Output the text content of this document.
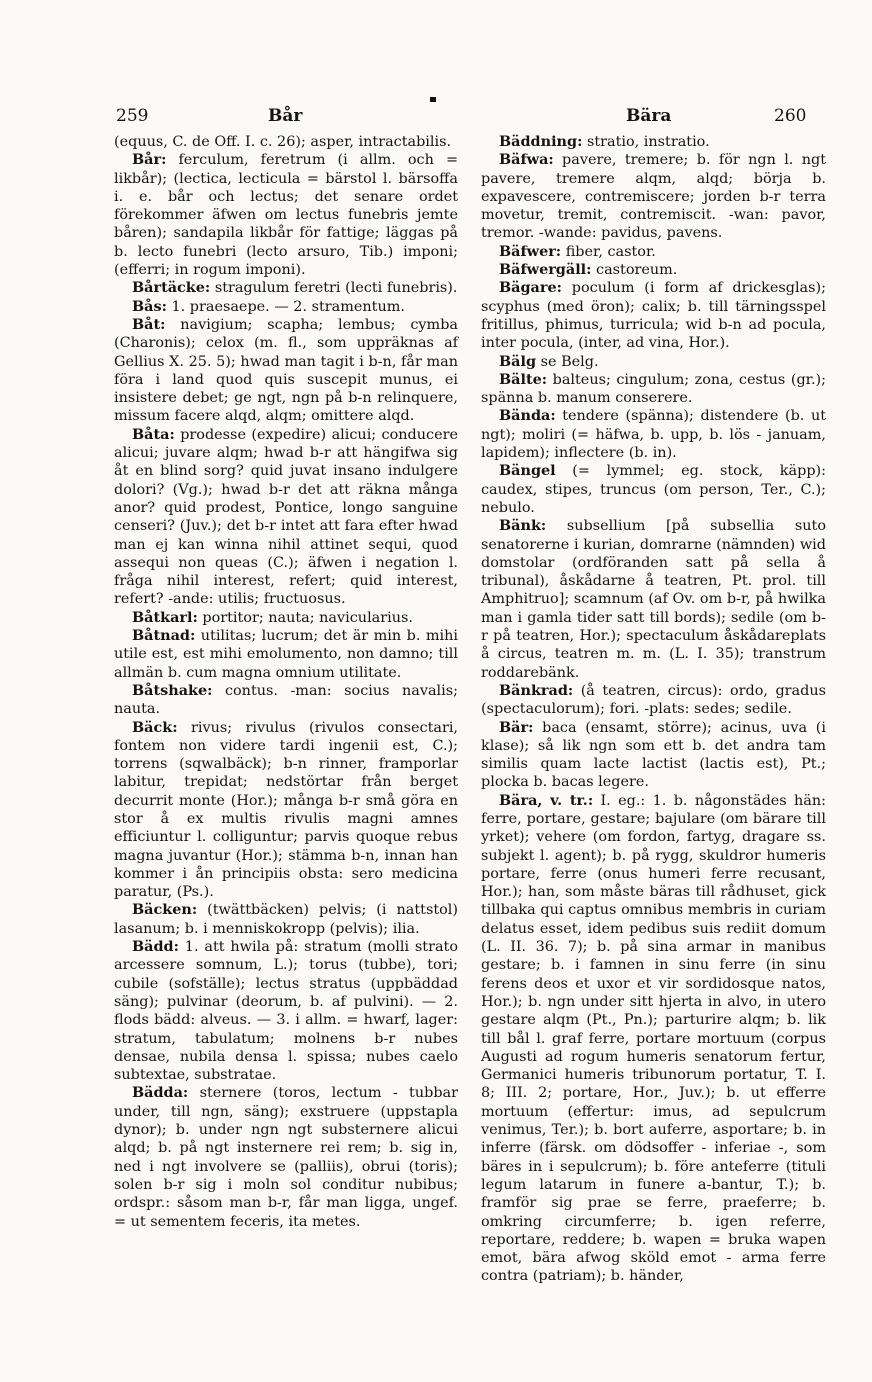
259	Bår	Bära	260

(equus, C. de Off. I. c. 26); asper, intractabilis.

Bår: ferculum, feretrum (i allm. och = likbår); (lectica, lecticula = bärstol l. bärsoffa i. e. bår och lectus; det senare ordet förekommer äfwen om lectus funebris jemte båren); sandapila likbår för fattige; läggas på b. lecto funebri (lecto arsuro, Tib.) imponi; (efferri; in rogum imponi).

Bårtäcke: stragulum feretri (lecti funebris).

Bås: 1. praesaepe. — 2. stramentum.

Båt: navigium; scapha; lembus; cymba (Charonis); celox (m. fl., som uppräknas af Gellius X. 25. 5); hwad man tagit i b-n, får man föra i land quod quis suscepit munus, ei insistere debet; ge ngt, ngn på b-n relinquere, missum facere alqd, alqm; omittere alqd.

Båta: prodesse (expedire) alicui; conducere alicui; juvare alqm; hwad b-r att hängifwa sig åt en blind sorg? quid juvat insano indulgere dolori? (Vg.); hwad b-r det att räkna många anor? quid prodest, Pontice, longo sanguine censeri? (Juv.); det b-r intet att fara efter hwad man ej kan winna nihil attinet sequi, quod assequi non queas (C.); äfwen i negation l. fråga nihil interest, refert; quid interest, refert? -ande: utilis; fructuosus.

Båtkarl: portitor; nauta; navicularius.

Båtnad: utilitas; lucrum; det är min b. mihi utile est, est mihi emolumento, non damno; till allmän b. cum magna omnium utilitate.

Båtshake: contus. -man: socius navalis; nauta.

Bäck: rivus; rivulus (rivulos consectari, fontem non videre tardi ingenii est, C.); torrens (sqwalbäck); b-n rinner, framporlar labitur, trepidat; nedstörtar från berget decurrit monte (Hor.); många b-r små göra en stor å ex multis rivulis magni amnes efficiuntur l. colliguntur; parvis quoque rebus magna juvantur (Hor.); stämma b-n, innan han kommer i ån principiis obsta: sero medicina paratur, (Ps.).

Bäcken: (twättbäcken) pelvis; (i nattstol) lasanum; b. i menniskokropp (pelvis); ilia.

Bädd: 1. att hwila på: stratum (molli strato arcessere somnum, L.); torus (tubbe), tori; cubile (sofställe); lectus stratus (uppbäddad säng); pulvinar (deorum, b. af pulvini). — 2. flods bädd: alveus. — 3. i allm. = hwarf, lager: stratum, tabulatum; molnens b-r nubes densae, nubila densa l. spissa; nubes caelo subtextae, substratae.

Bädda: sternere (toros, lectum - tubbar under, till ngn, säng); exstruere (uppstapla dynor); b. under ngn ngt substernere alicui alqd; b. på ngt insternere rei rem; b. sig in, ned i ngt involvere se (palliis), obrui (toris); solen b-r sig i moln sol conditur nubibus; ordspr.: såsom man b-r, får man ligga, ungef. = ut sementem feceris, ita metes.

Bäddning: stratio, instratio.

Bäfwa: pavere, tremere; b. för ngn l. ngt pavere, tremere alqm, alqd; börja b. expavescere, contremiscere; jorden b-r terra movetur, tremit, contremiscit. -wan: pavor, tremor. -wande: pavidus, pavens.

Bäfwer: fiber, castor.

Bäfwergäll: castoreum.

Bägare: poculum (i form af drickesglas); scyphus (med öron); calix; b. till tärningsspel fritillus, phimus, turricula; wid b-n ad pocula, inter pocula, (inter, ad vina, Hor.).

Bälg se Belg.

Bälte: balteus; cingulum; zona, cestus (gr.); spänna b. manum conserere.

Bända: tendere (spänna); distendere (b. ut ngt); moliri (= häfwa, b. upp, b. lös - januam, lapidem); inflectere (b. in).

Bängel (= lymmel; eg. stock, käpp): caudex, stipes, truncus (om person, Ter., C.); nebulo.

Bänk: subsellium [på subsellia suto senatorerne i kurian, domrarne (nämnden) wid domstolar (ordföranden satt på sella å tribunal), åskådarne å teatren, Pt. prol. till Amphitruo]; scamnum (af Ov. om b-r, på hwilka man i gamla tider satt till bords); sedile (om b-r på teatren, Hor.); spectaculum åskådareplats å circus, teatren m. m. (L. I. 35); transtrum roddarebänk.

Bänkrad: (å teatren, circus): ordo, gradus (spectaculorum); fori. -plats: sedes; sedile.

Bär: baca (ensamt, större); acinus, uva (i klase); så lik ngn som ett b. det andra tam similis quam lacte lactist (lactis est), Pt.; plocka b. bacas legere.

Bära, v. tr.: I. eg.: 1. b. någonstädes hän: ferre, portare, gestare; bajulare (om bärare till yrket); vehere (om fordon, fartyg, dragare ss. subjekt l. agent); b. på rygg, skuldror humeris portare, ferre (onus humeri ferre recusant, Hor.); han, som måste bäras till rådhuset, gick tillbaka qui captus omnibus membris in curiam delatus esset, idem pedibus suis rediit domum (L. II. 36. 7); b. på sina armar in manibus gestare; b. i famnen in sinu ferre (in sinu ferens deos et uxor et vir sordidosque natos, Hor.); b. ngn under sitt hjerta in alvo, in utero gestare alqm (Pt., Pn.); parturire alqm; b. lik till bål l. graf ferre, portare mortuum (corpus Augusti ad rogum humeris senatorum fertur, Germanici humeris tribunorum portatur, T. I. 8; III. 2; portare, Hor., Juv.); b. ut efferre mortuum (effertur: imus, ad sepulcrum venimus, Ter.); b. bort auferre, asportare; b. in inferre (färsk. om dödsoffer - inferiae -, som bäres in i sepulcrum); b. före anteferre (tituli legum latarum in funere a-bantur, T.); b. framför sig prae se ferre, praeferre; b. omkring circumferre; b. igen referre, reportare, reddere; b. wapen = bruka wapen emot, bära afwog sköld emot - arma ferre contra (patriam); b. händer,
